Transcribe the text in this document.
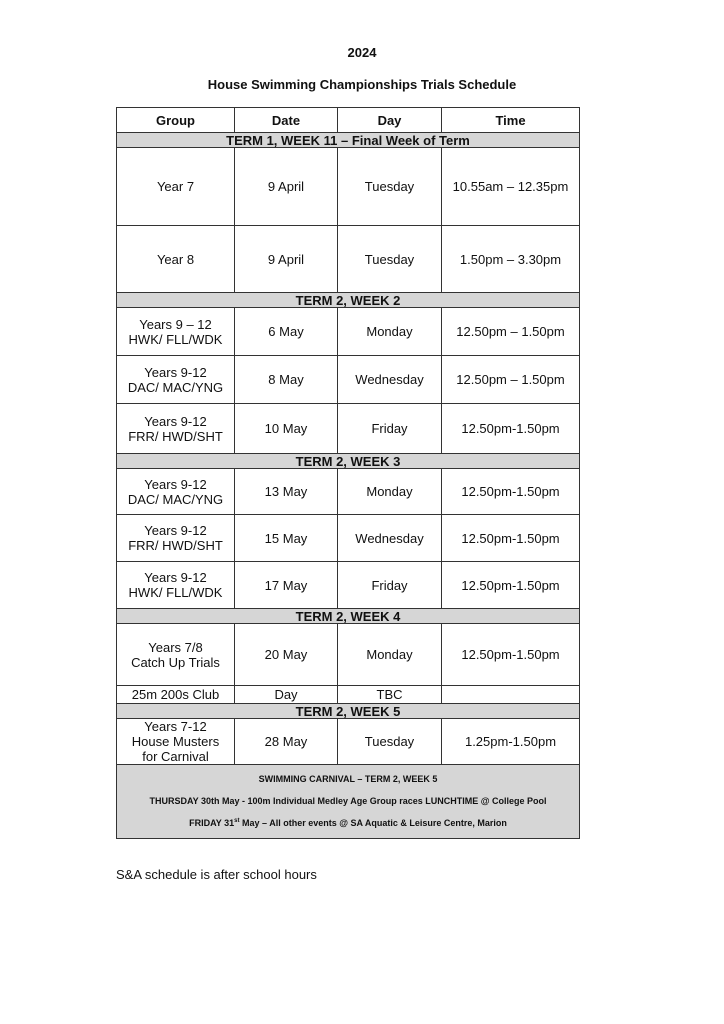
2024
House Swimming Championships Trials Schedule
Group	Date	Day	Time
TERM 1, WEEK 11 – Final Week of Term			
Year 7	9 April	Tuesday	10.55am – 12.35pm
Year 8	9 April	Tuesday	1.50pm – 3.30pm
TERM 2, WEEK 2			

Years 9 – 12
HWK/ FLL/WDK	6 May	Monday	12.50pm – 1.50pm

Years 9-12
DAC/ MAC/YNG	8 May	Wednesday	12.50pm – 1.50pm

Years 9-12
FRR/ HWD/SHT	10 May	Friday	12.50pm-1.50pm
TERM 2, WEEK 3			

Years 9-12
DAC/ MAC/YNG	13 May	Monday	12.50pm-1.50pm

Years 9-12
FRR/ HWD/SHT	15 May	Wednesday	12.50pm-1.50pm

Years 9-12
HWK/ FLL/WDK	17 May	Friday	12.50pm-1.50pm
TERM 2, WEEK 4			

Years 7/8
Catch Up Trials	20 May	Monday	12.50pm-1.50pm
25m 200s Club	Day	TBC	
TERM 2, WEEK 5			

Years 7-12
House Musters
for Carnival	28 May	Tuesday	1.25pm-1.50pm

SWIMMING CARNIVAL – TERM 2, WEEK 5

THURSDAY 30th May - 100m Individual Medley Age Group races LUNCHTIME @ College Pool

FRIDAY 31st May – All other events @ SA Aquatic & Leisure Centre, Marion			

S&A schedule is after school hours
